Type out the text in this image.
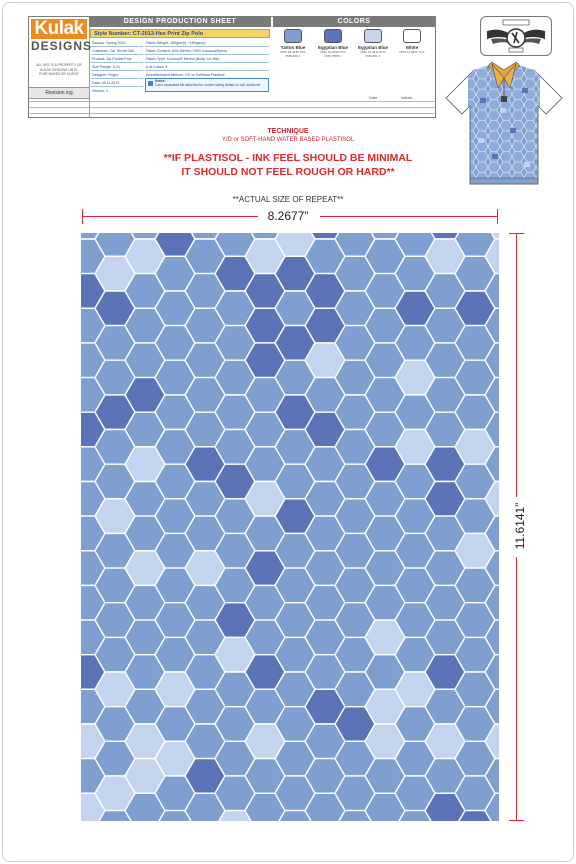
Kulak
DESIGNS
ALL ART IS A PROPERTY OF KULAK DESIGNS UNTIL PURCHASED BY CLIENT
Revision log
DESIGN PRODUCTION SHEET
Style Number: CT-2013-Hex Print Zip Polo
Season: Spring 2014
Customer: Cut Throat Golf
Product: Zip Pocket Polo
Size Range: S-XL
Designer: Roger
Date: 08.11.2013
Version: 1
Fabric Weight: 180gsm(r) ~180gsm(t)
Fabric Content: 50% Merino / 50% Coconut(Nylon)
Fabric Type: Coconut® Merino (Body 1x1 Rib)
# of Colors: 4
Embellishment Method: Y/D or Softhand Plastisol
Notes:
Color separated file attached for screen sizing details or call: kulak.net
COLORS
Tattoo Blue
PMS 16-4132 TCX
PMS 660 C
Egyptian Blue
PMS 19-3936 TCX
PMS 7686 C
Egyptian Blue
PMS 14-4112 TCX
PMS 651 C
White
PMS 11-0601 TCX
Date	Initials
TECHNIQUE
Y/D or SOFT-HAND WATER BASED PLASTISOL
**IF PLASTISOL - INK FEEL SHOULD BE MINIMAL
IT SHOULD NOT FEEL ROUGH OR HARD**
**ACTUAL SIZE OF REPEAT**
8.2677”
11.6141”
